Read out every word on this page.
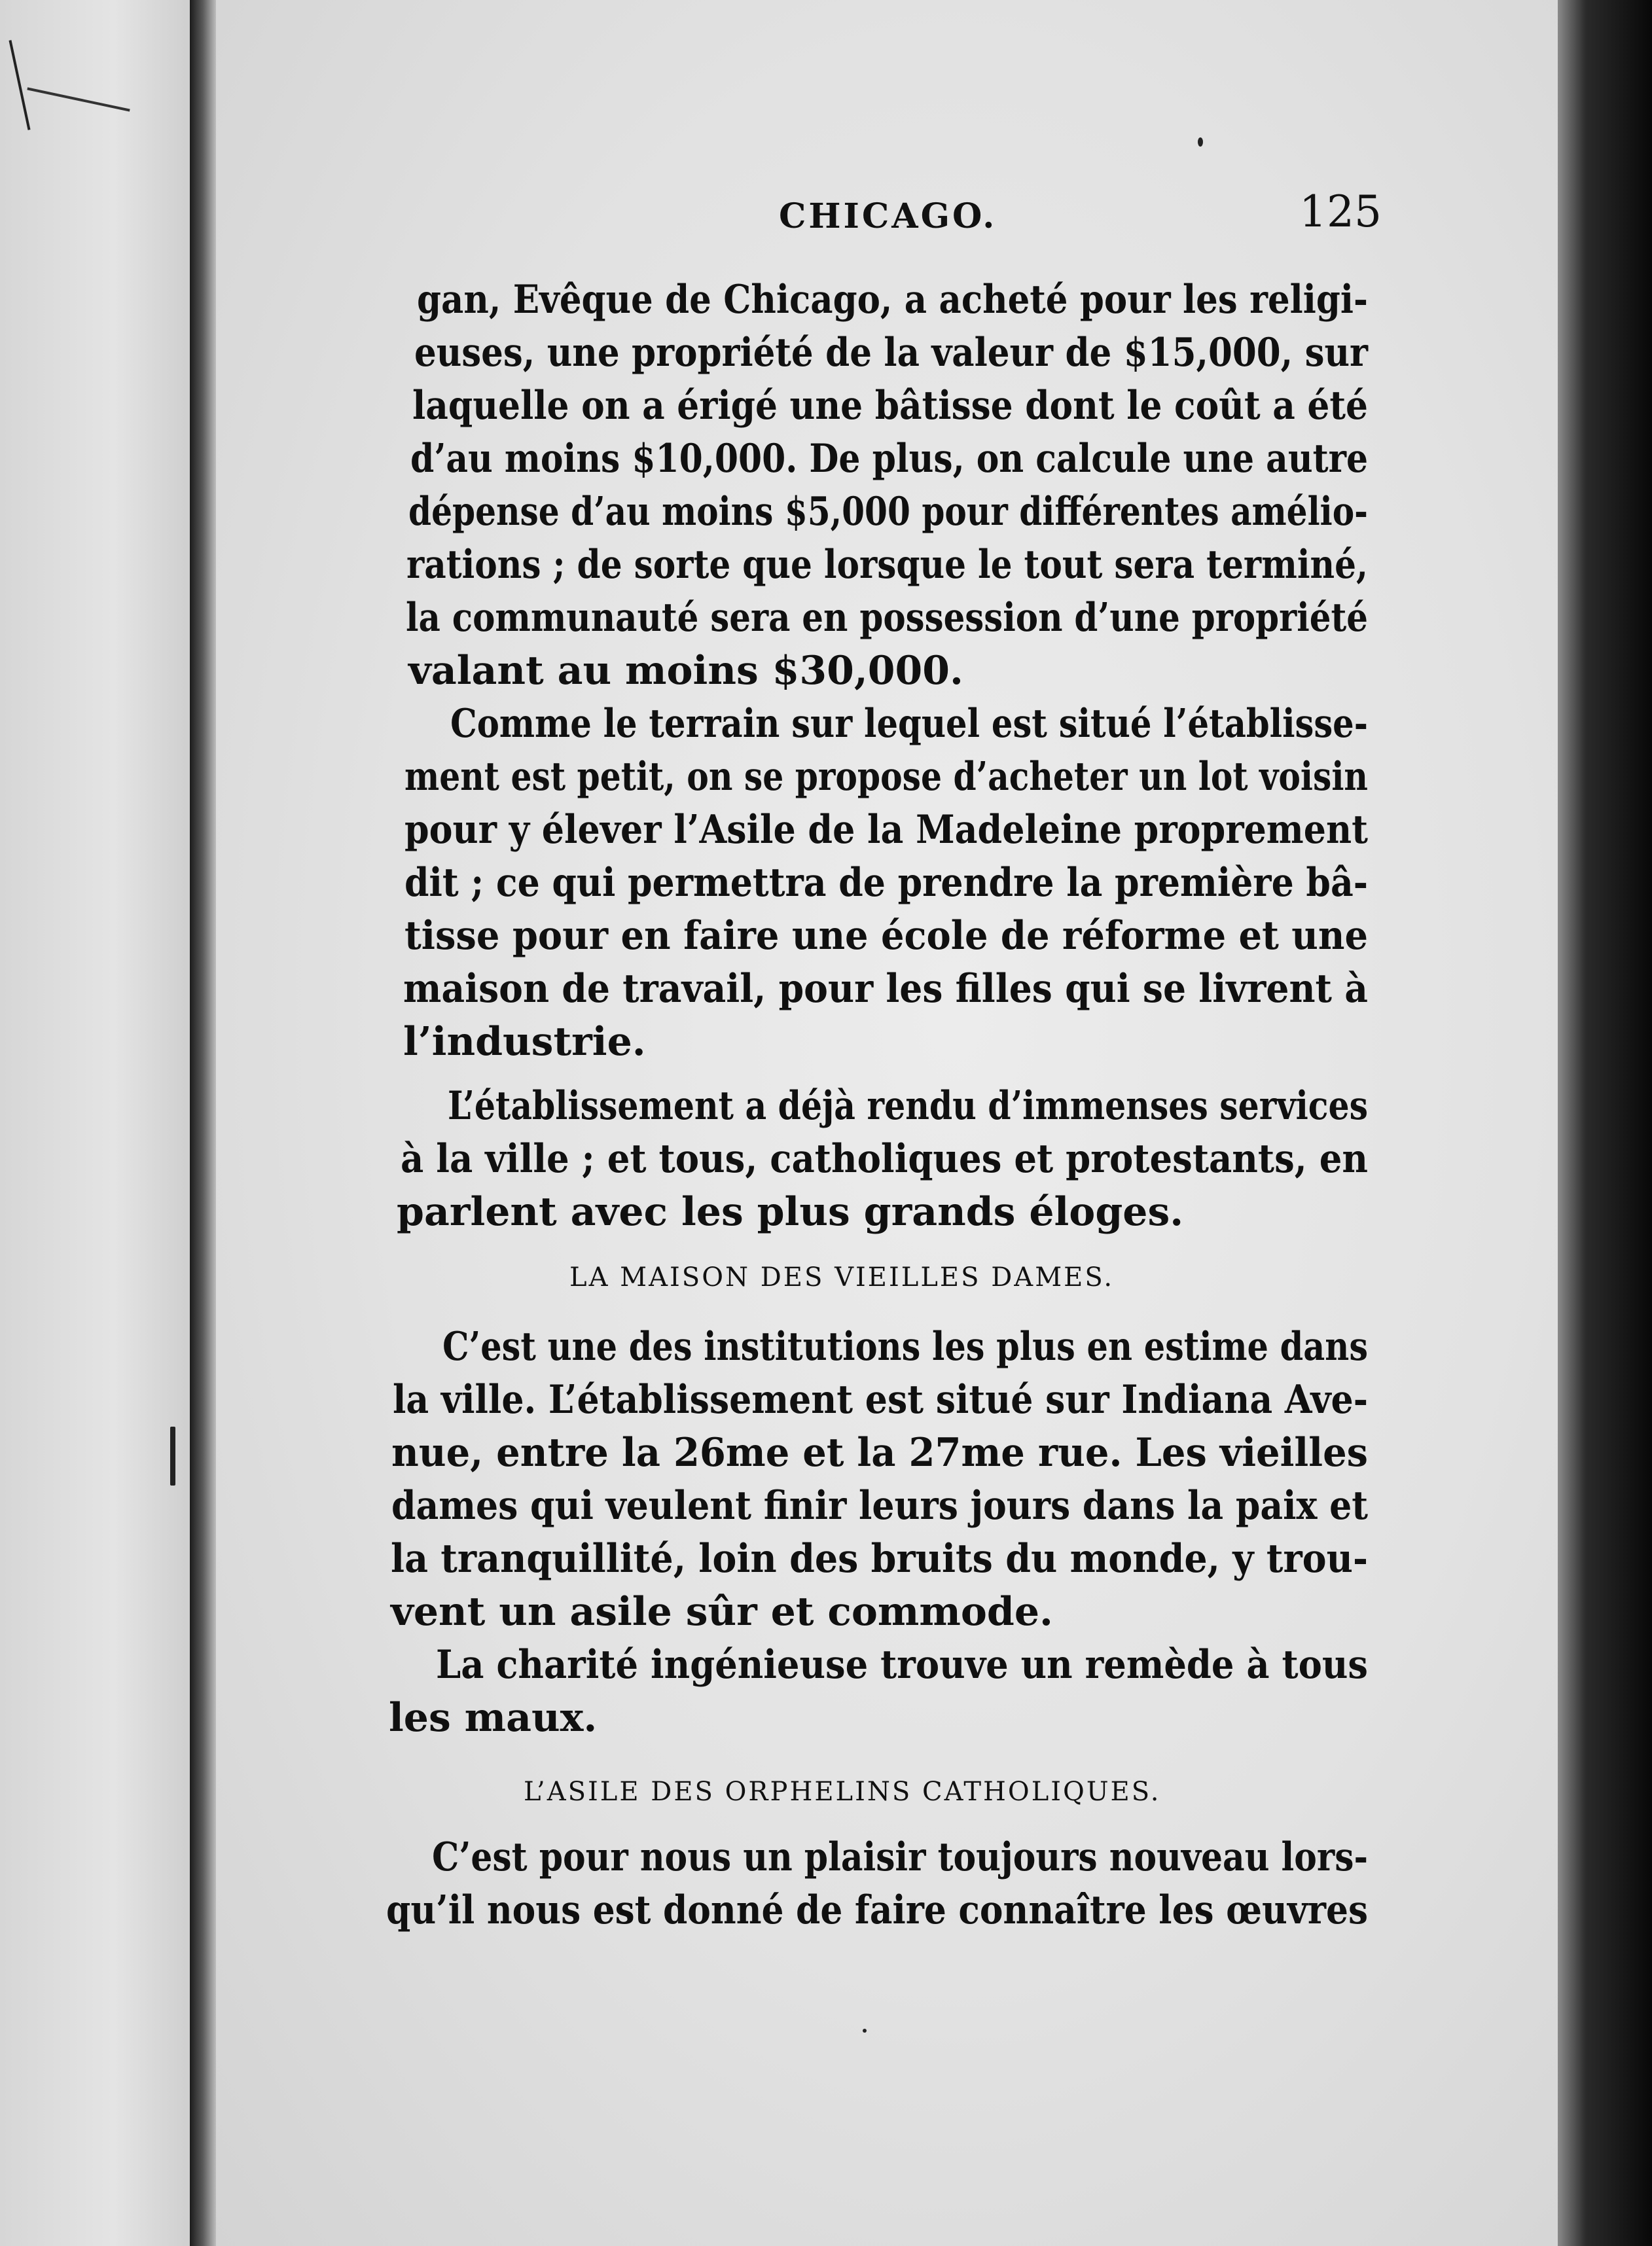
CHICAGO.	125
gan, Evêque de Chicago, a acheté pour les religi-
euses, une propriété de la valeur de $15,000, sur
laquelle on a érigé une bâtisse dont le coût a été
d’au moins $10,000. De plus, on calcule une autre
dépense d’au moins $5,000 pour différentes amélio-
rations ; de sorte que lorsque le tout sera terminé,
la communauté sera en possession d’une propriété
valant au moins $30,000.
Comme le terrain sur lequel est situé l’établisse-
ment est petit, on se propose d’acheter un lot voisin
pour y élever l’Asile de la Madeleine proprement
dit ; ce qui permettra de prendre la première bâ-
tisse pour en faire une école de réforme et une
maison de travail, pour les filles qui se livrent à
l’industrie.
L’établissement a déjà rendu d’immenses services
à la ville ; et tous, catholiques et protestants, en
parlent avec les plus grands éloges.
LA MAISON DES VIEILLES DAMES.
C’est une des institutions les plus en estime dans
la ville. L’établissement est situé sur Indiana Ave-
nue, entre la 26me et la 27me rue. Les vieilles
dames qui veulent finir leurs jours dans la paix et
la tranquillité, loin des bruits du monde, y trou-
vent un asile sûr et commode.
La charité ingénieuse trouve un remède à tous
les maux.
L’ASILE DES ORPHELINS CATHOLIQUES.
C’est pour nous un plaisir toujours nouveau lors-
qu’il nous est donné de faire connaître les œuvres
